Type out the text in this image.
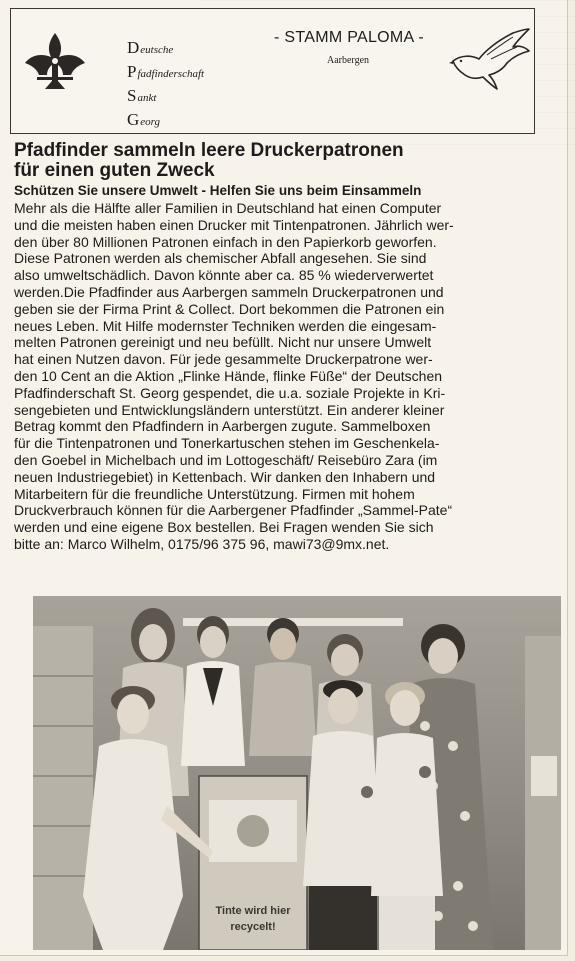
Deutsche
Pfadfinderschaft
Sankt
Georg
- STAMM PALOMA -
Aarbergen
Pfadfinder sammeln leere Druckerpatronen
für einen guten Zweck
Schützen Sie unsere Umwelt - Helfen Sie uns beim Einsammeln
Mehr als die Hälfte aller Familien in Deutschland hat einen Computer
und die meisten haben einen Drucker mit Tintenpatronen. Jährlich wer-
den über 80 Millionen Patronen einfach in den Papierkorb geworfen.
Diese Patronen werden als chemischer Abfall angesehen. Sie sind
also umweltschädlich. Davon könnte aber ca. 85 % wiederverwertet
werden.Die Pfadfinder aus Aarbergen sammeln Druckerpatronen und
geben sie der Firma Print & Collect. Dort bekommen die Patronen ein
neues Leben. Mit Hilfe modernster Techniken werden die eingesam-
melten Patronen gereinigt und neu befüllt. Nicht nur unsere Umwelt
hat einen Nutzen davon. Für jede gesammelte Druckerpatrone wer-
den 10 Cent an die Aktion „Flinke Hände, flinke Füße“ der Deutschen
Pfadfinderschaft St. Georg gespendet, die u.a. soziale Projekte in Kri-
sengebieten und Entwicklungsländern unterstützt. Ein anderer kleiner
Betrag kommt den Pfadfindern in Aarbergen zugute. Sammelboxen
für die Tintenpatronen und Tonerkartuschen stehen im Geschenkela-
den Goebel in Michelbach und im Lottogeschäft/ Reisebüro Zara (im
neuen Industriegebiet) in Kettenbach. Wir danken den Inhabern und
Mitarbeitern für die freundliche Unterstützung. Firmen mit hohem
Druckverbrauch können für die Aarbergener Pfadfinder „Sammel-Pate“
werden und eine eigene Box bestellen. Bei Fragen wenden Sie sich
bitte an: Marco Wilhelm, 0175/96 375 96, mawi73@9mx.net.
Tinte wird hier
recycelt!
